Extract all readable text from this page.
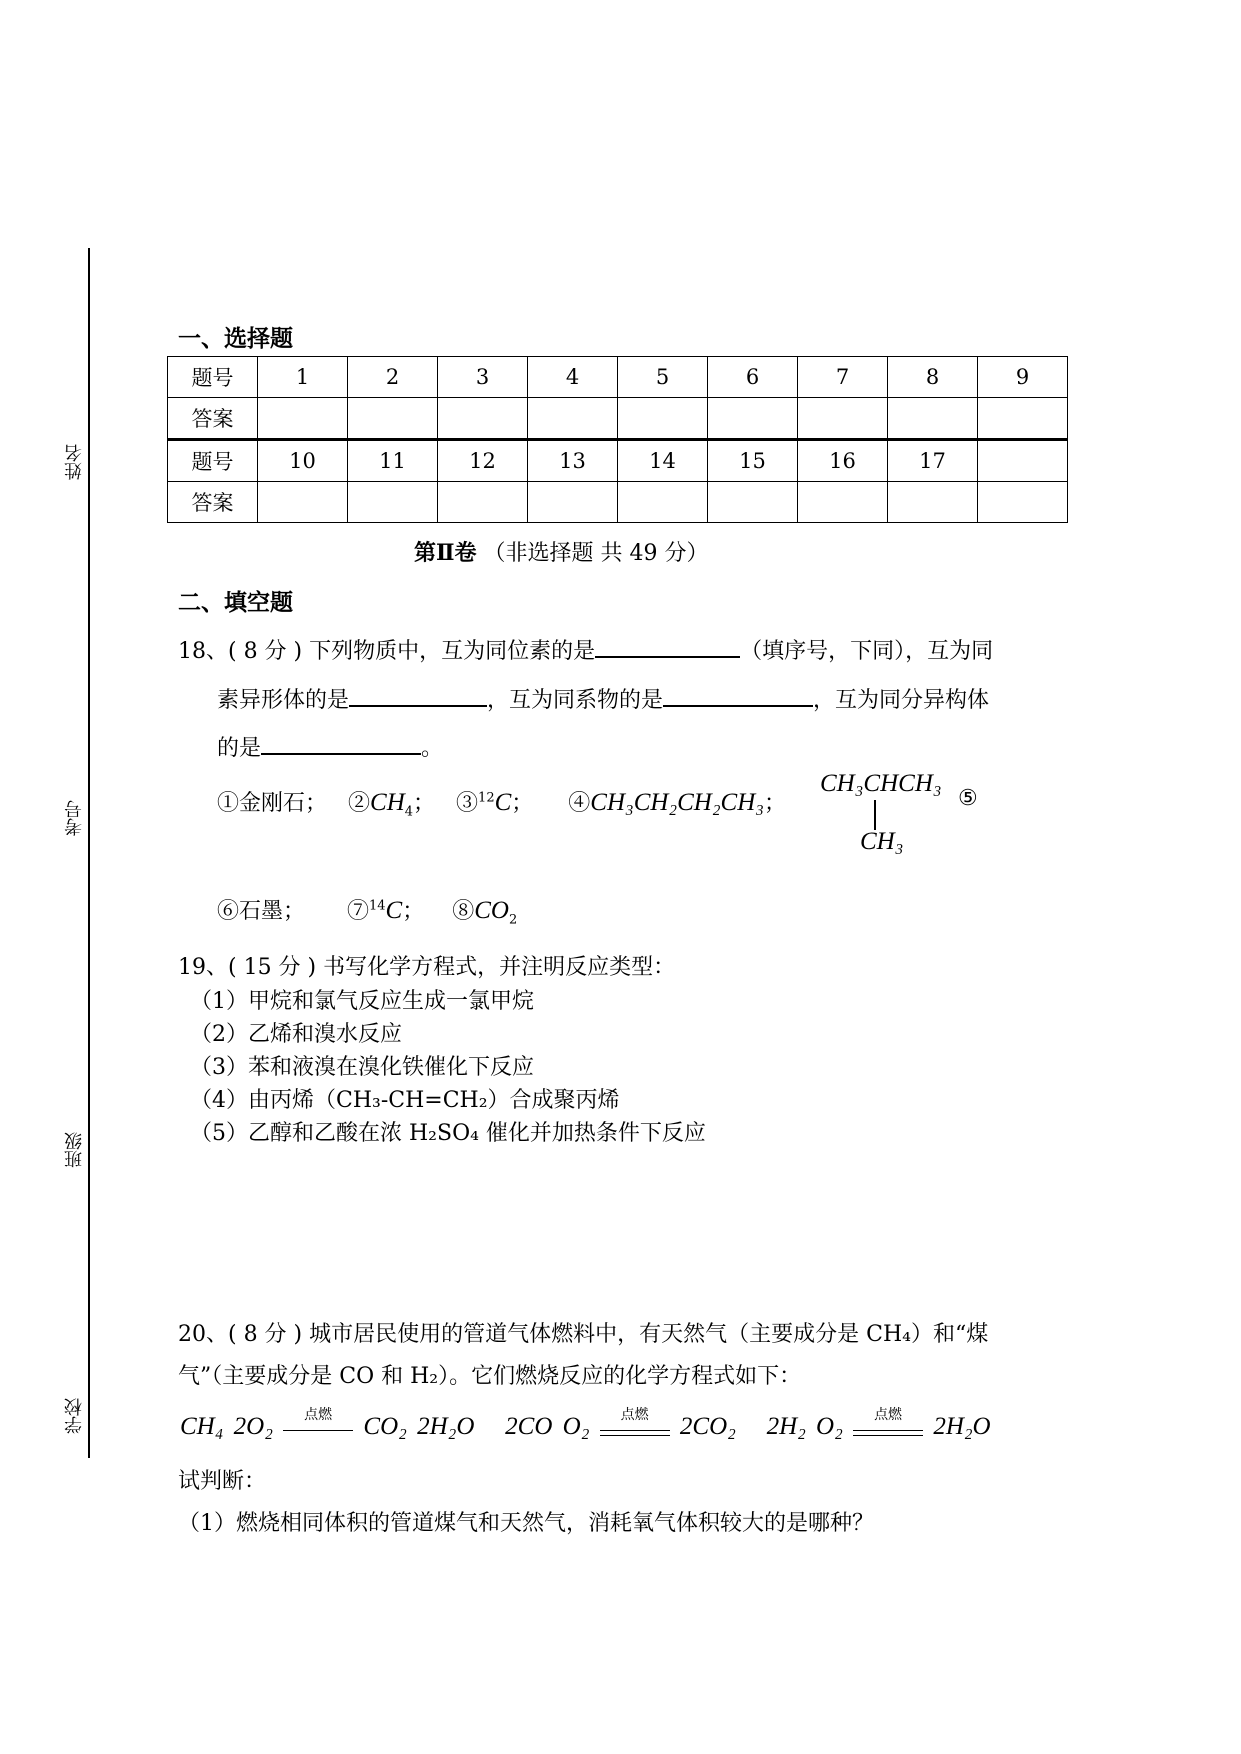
姓名
考号
班级
学校
一、选择题
题号	1	2	3	4	5	6	7	8	9
答案									
题号	10	11	12	13	14	15	16	17	
答案									
第Ⅱ卷 （非选择题 共 49 分）
二、填空题
18、( 8 分 ) 下列物质中，互为同位素的是	（填序号，下同），互为同
素异形体的是	，互为同系物的是	，互为同分异构体
的是	。
①金刚石； $②CH_4$； ③$^{12}$C； ④CH₃CH₂CH₂CH₃；
CH₃CHCH₃
CH₃
⑤
⑥石墨； ⑦$^{14}$C； $⑧CO_2$
19、( 15 分 ) 书写化学方程式，并注明反应类型：
（1）甲烷和氯气反应生成一氯甲烷
（2）乙烯和溴水反应
（3）苯和液溴在溴化铁催化下反应
（4）由丙烯（CH₃-CH=CH₂）合成聚丙烯
（5）乙醇和乙酸在浓 H₂SO₄ 催化并加热条件下反应
20、( 8 分 ) 城市居民使用的管道气体燃料中，有天然气（主要成分是 CH₄）和“煤
气”（主要成分是 CO 和 H₂）。它们燃烧反应的化学方程式如下：
CH₄ 2O₂	点燃	CO₂ 2H₂O 2CO O₂	点燃	2CO₂ 2H₂ O₂	点燃	2H₂O
试判断：
（1）燃烧相同体积的管道煤气和天然气，消耗氧气体积较大的是哪种？
